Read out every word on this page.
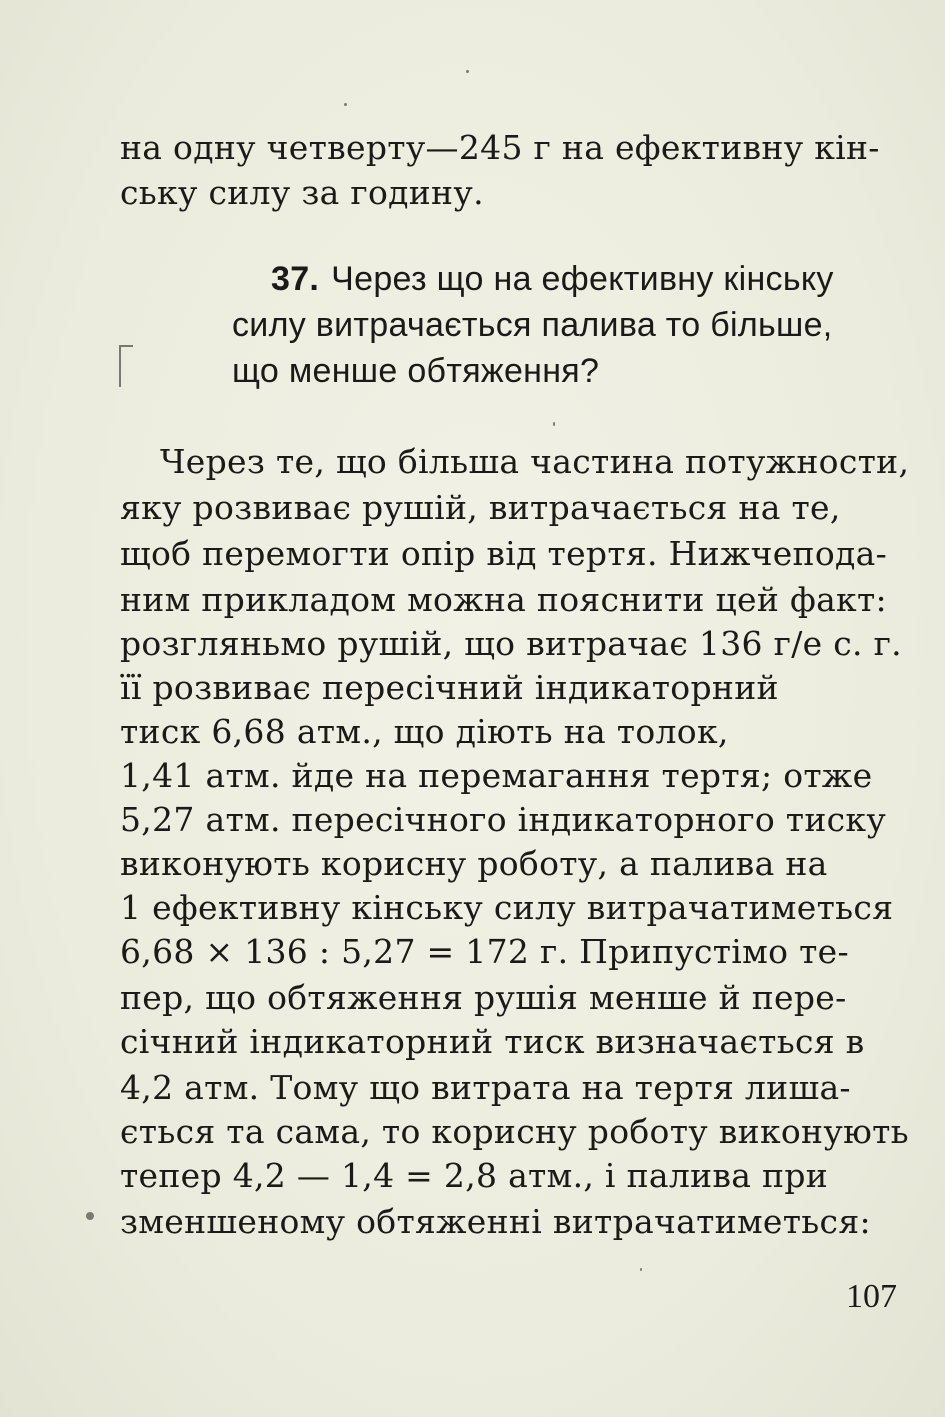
на одну четверту—245 г на ефективну кін-
ську силу за годину.
37. Через що на ефективну кінську
силу витрачається палива то більше,
що менше обтяження?
Через те, що більша частина потужности,
яку розвиває рушій, витрачається на те,
щоб перемогти опір від тертя. Нижчепода-
ним прикладом можна пояснити цей факт:
розгляньмо рушій, що витрачає 136 г/е с. г.
її розвиває пересічний індикаторний
тиск 6,68 атм., що діють на толок,
1,41 атм. йде на перемагання тертя; отже
5,27 атм. пересічного індикаторного тиску
виконують корисну роботу, а палива на
1 ефективну кінську силу витрачатиметься
6,68 × 136 : 5,27 = 172 г. Припустімо те-
пер, що обтяження рушія менше й пере-
січний індикаторний тиск визначається в
4,2 атм. Тому що витрата на тертя лиша-
ється та сама, то корисну роботу виконують
тепер 4,2 — 1,4 = 2,8 атм., і палива при
зменшеному обтяженні витрачатиметься:
107
